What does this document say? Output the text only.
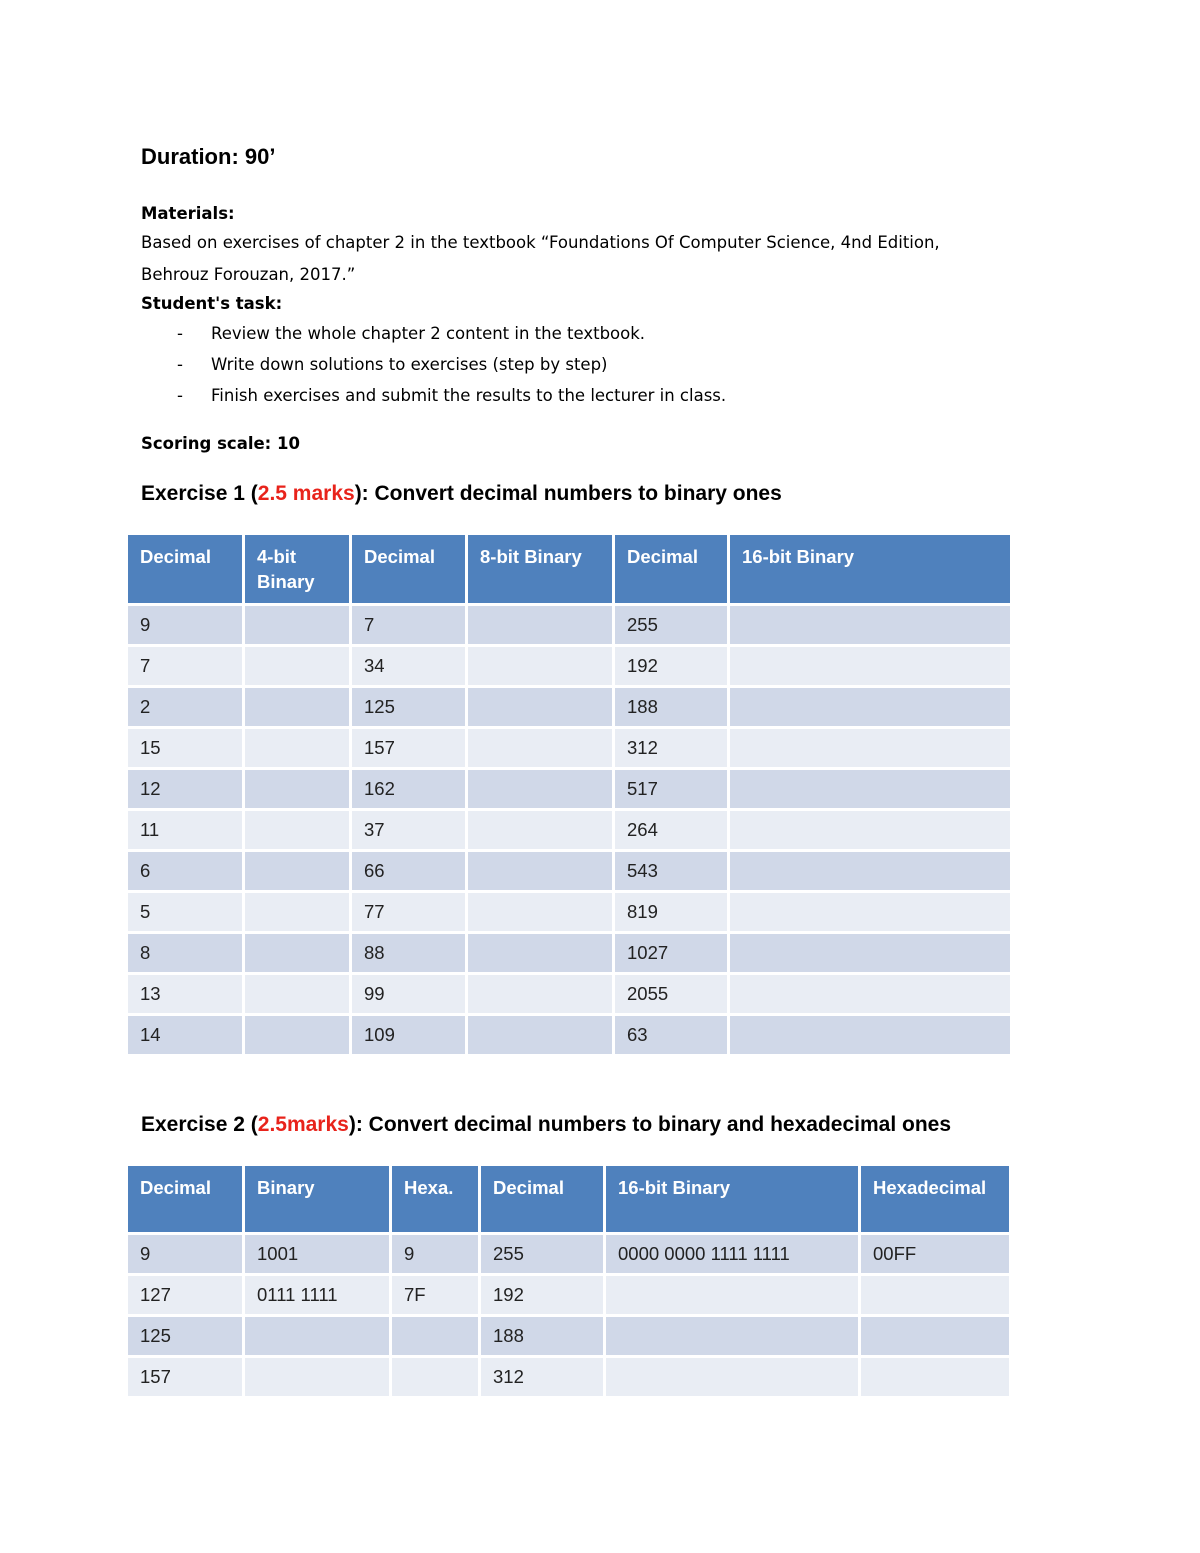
Duration: 90’
Materials:
Based on exercises of chapter 2 in the textbook “Foundations Of Computer Science, 4nd Edition,
Behrouz Forouzan, 2017.”
Student's task:
- Review the whole chapter 2 content in the textbook.
- Write down solutions to exercises (step by step)
- Finish exercises and submit the results to the lecturer in class.
Scoring scale: 10
Exercise 1 (2.5 marks): Convert decimal numbers to binary ones
Decimal	4-bit Binary	Decimal	8-bit Binary	Decimal	16-bit Binary
9		7		255	
7		34		192	
2		125		188	
15		157		312	
12		162		517	
11		37		264	
6		66		543	
5		77		819	
8		88		1027	
13		99		2055	
14		109		63	
Exercise 2 (2.5marks): Convert decimal numbers to binary and hexadecimal ones
Decimal	Binary	Hexa.	Decimal	16-bit Binary	Hexadecimal
9	1001	9	255	0000 0000 1111 1111	00FF
127	0111 1111	7F	192		
125			188		
157			312		
